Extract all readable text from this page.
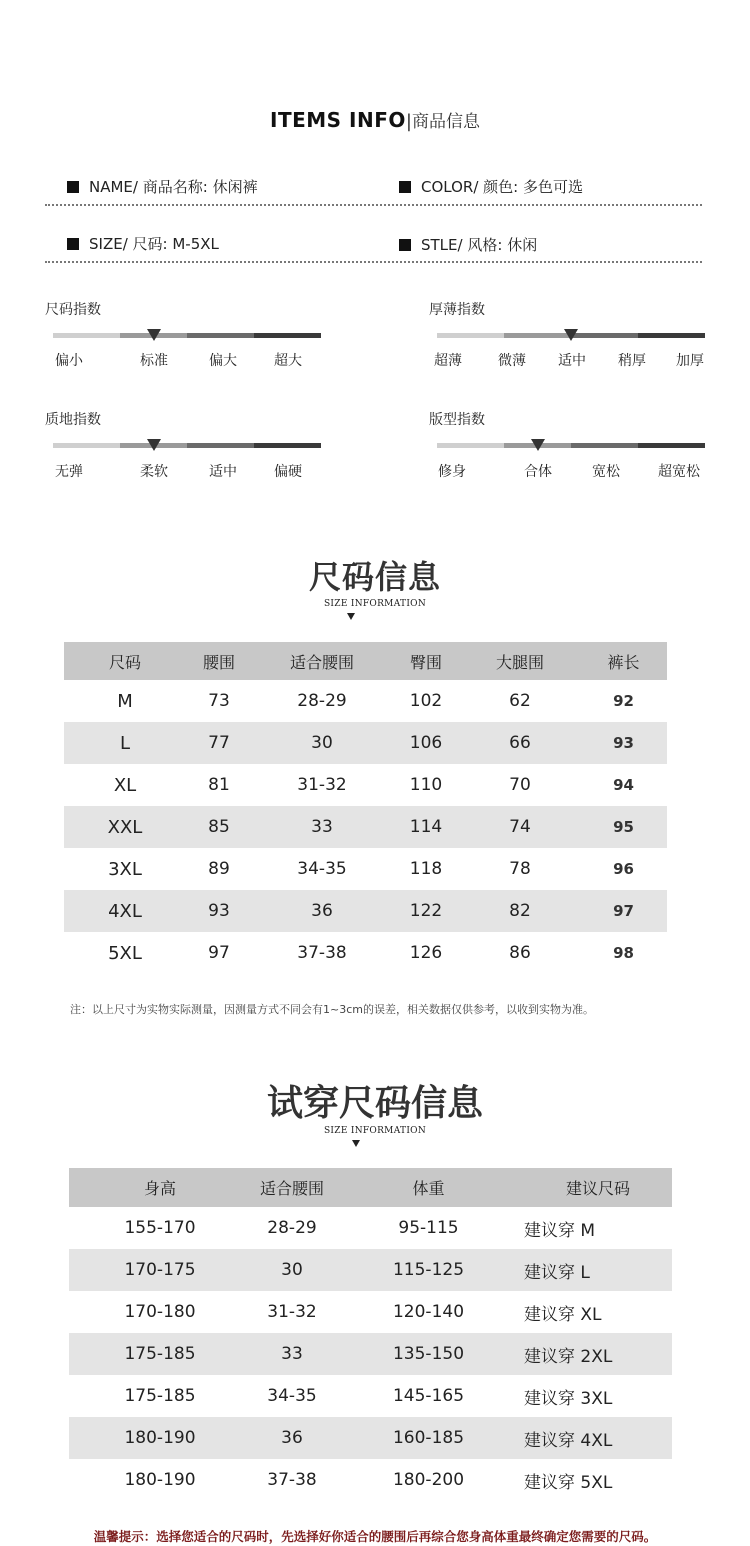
ITEMS INFO|商品信息
NAME/ 商品名称: 休闲裤	COLOR/ 颜色: 多色可选
SIZE/ 尺码: M-5XL	STLE/ 风格: 休闲
尺码指数
偏小	标准	偏大	超大
厚薄指数
超薄	微薄	适中	稍厚	加厚
质地指数
无弹	柔软	适中	偏硬
版型指数
修身	合体	宽松	超宽松
尺码信息
SIZE INFORMATION
尺码	腰围	适合腰围	臀围	大腿围	裤长
M	73	28-29	102	62	92
L	77	30	106	66	93
XL	81	31-32	110	70	94
XXL	85	33	114	74	95
3XL	89	34-35	118	78	96
4XL	93	36	122	82	97
5XL	97	37-38	126	86	98
注：以上尺寸为实物实际测量，因测量方式不同会有1~3cm的误差，相关数据仅供参考，以收到实物为准。
试穿尺码信息
SIZE INFORMATION
身高	适合腰围	体重	建议尺码
155-170	28-29	95-115	建议穿 M
170-175	30	115-125	建议穿 L
170-180	31-32	120-140	建议穿 XL
175-185	33	135-150	建议穿 2XL
175-185	34-35	145-165	建议穿 3XL
180-190	36	160-185	建议穿 4XL
180-190	37-38	180-200	建议穿 5XL
温馨提示：选择您适合的尺码时，先选择好你适合的腰围后再综合您身高体重最终确定您需要的尺码。
